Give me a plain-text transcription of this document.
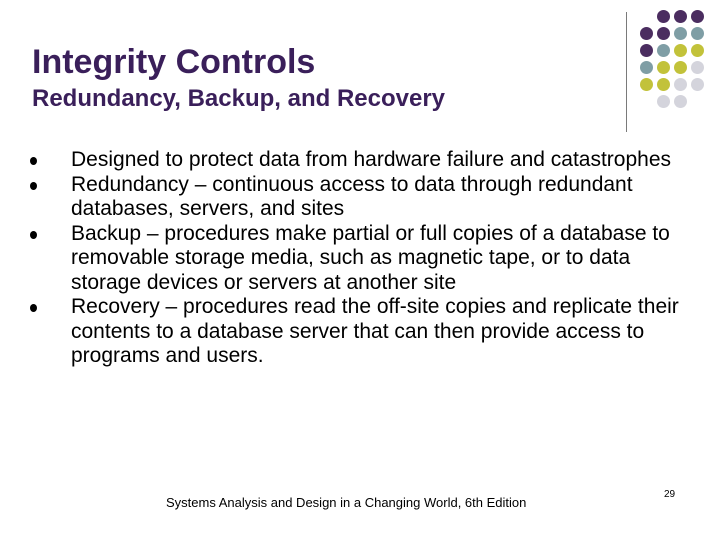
Integrity Controls
Redundancy, Backup, and Recovery
Designed to protect data from hardware failure and catastrophes
Redundancy – continuous access to data through redundant databases, servers, and sites
Backup – procedures make partial or full copies of a database to removable storage media, such as magnetic tape, or to data storage devices or servers at another site
Recovery – procedures read the off-site copies and replicate their contents to a database server that can then provide access to programs and users.
Systems Analysis and Design in a Changing World, 6th Edition
29
